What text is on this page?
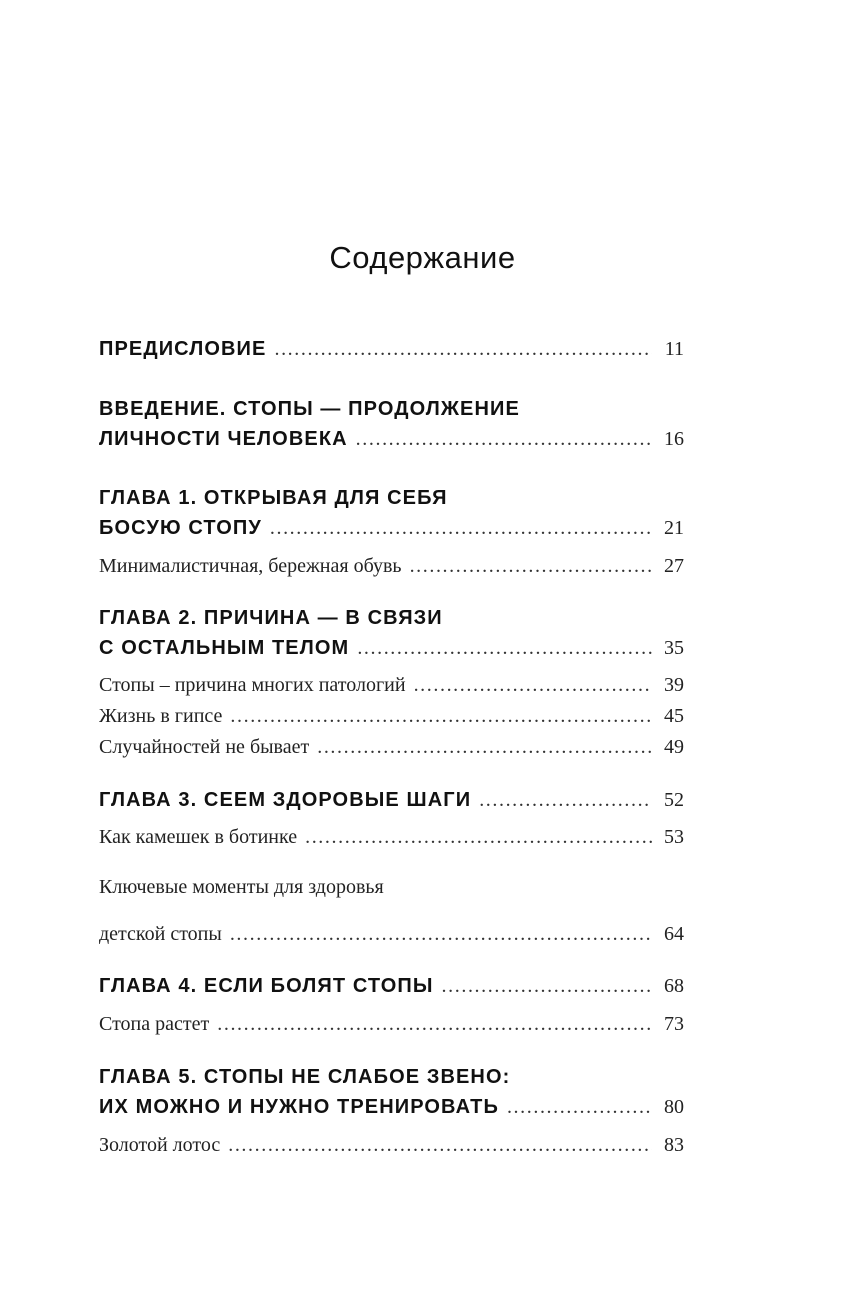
Содержание
ПРЕДИСЛОВИЕ .....	11
ВВЕДЕНИЕ. СТОПЫ — ПРОДОЛЖЕНИЕ
ЛИЧНОСТИ ЧЕЛОВЕКА .....	16
ГЛАВА 1. ОТКРЫВАЯ ДЛЯ СЕБЯ
БОСУЮ СТОПУ .....	21
Минималистичная, бережная обувь .....	27
ГЛАВА 2. ПРИЧИНА — В СВЯЗИ
С ОСТАЛЬНЫМ ТЕЛОМ .....	35
Стопы – причина многих патологий .....	39
Жизнь в гипсе .....	45
Случайностей не бывает .....	49
ГЛАВА 3. СЕЕМ ЗДОРОВЫЕ ШАГИ .....	52
Как камешек в ботинке .....	53
Ключевые моменты для здоровья
детской стопы .....	64
ГЛАВА 4. ЕСЛИ БОЛЯТ СТОПЫ .....	68
Стопа растет .....	73
ГЛАВА 5. СТОПЫ НЕ СЛАБОЕ ЗВЕНО:
ИХ МОЖНО И НУЖНО ТРЕНИРОВАТЬ .....	80
Золотой лотос .....	83
